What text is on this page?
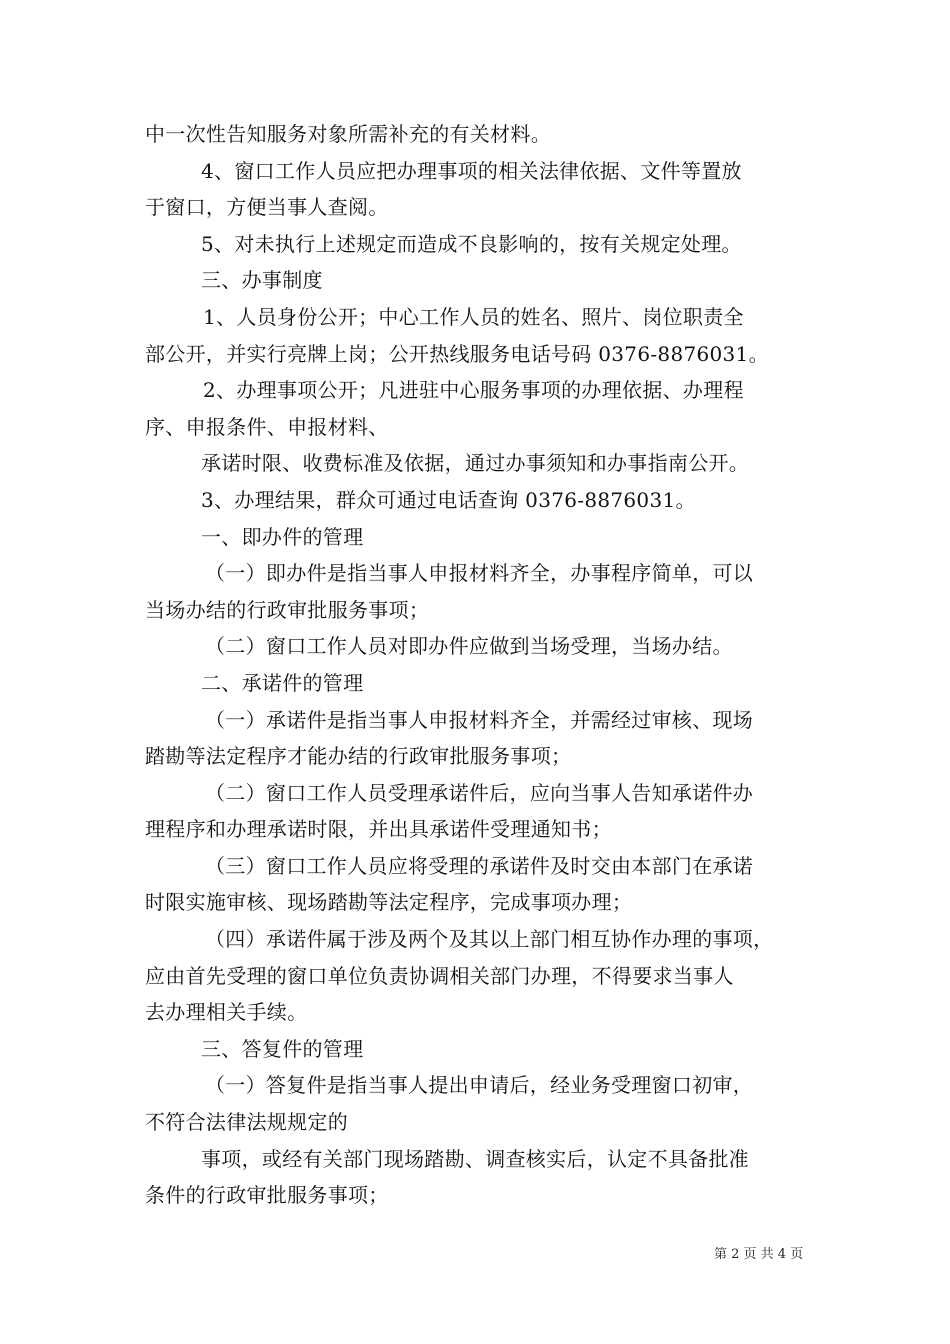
中一次性告知服务对象所需补充的有关材料。
4、窗口工作人员应把办理事项的相关法律依据、文件等置放
于窗口，方便当事人查阅。
5、对未执行上述规定而造成不良影响的，按有关规定处理。
三、办事制度
1、人员身份公开；中心工作人员的姓名、照片、岗位职责全
部公开，并实行亮牌上岗；公开热线服务电话号码 0376-8876031。
2、办理事项公开；凡进驻中心服务事项的办理依据、办理程
序、申报条件、申报材料、
承诺时限、收费标准及依据，通过办事须知和办事指南公开。
3、办理结果，群众可通过电话查询 0376-8876031。
一、即办件的管理
（一）即办件是指当事人申报材料齐全，办事程序简单，可以
当场办结的行政审批服务事项；
（二）窗口工作人员对即办件应做到当场受理，当场办结。
二、承诺件的管理
（一）承诺件是指当事人申报材料齐全，并需经过审核、现场
踏勘等法定程序才能办结的行政审批服务事项；
（二）窗口工作人员受理承诺件后，应向当事人告知承诺件办
理程序和办理承诺时限，并出具承诺件受理通知书；
（三）窗口工作人员应将受理的承诺件及时交由本部门在承诺
时限实施审核、现场踏勘等法定程序，完成事项办理；
（四）承诺件属于涉及两个及其以上部门相互协作办理的事项，
应由首先受理的窗口单位负责协调相关部门办理，不得要求当事人
去办理相关手续。
三、答复件的管理
（一）答复件是指当事人提出申请后，经业务受理窗口初审，
不符合法律法规规定的
事项，或经有关部门现场踏勘、调查核实后，认定不具备批准
条件的行政审批服务事项；
第 2 页 共 4 页
